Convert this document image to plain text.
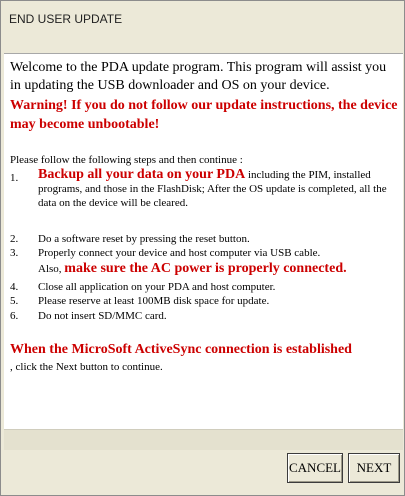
END USER UPDATE
Welcome to the PDA update program. This program will assist you in updating the USB downloader and OS on your device.
Warning! If you do not follow our update instructions, the device may become unbootable!
Please follow the following steps and then continue :
1.	Backup all your data on your PDA including the PIM, installed programs, and those in the FlashDisk; After the OS update is completed, all the data on the device will be cleared.
2.	Do a software reset by pressing the reset button.
3.	Properly connect your device and host computer via USB cable.
Also, make sure the AC power is properly connected.
4.	Close all application on your PDA and host computer.
5.	Please reserve at least 100MB disk space for update.
6.	Do not insert SD/MMC card.
When the MicroSoft ActiveSync connection is established
, click the Next button to continue.
CANCEL	NEXT
